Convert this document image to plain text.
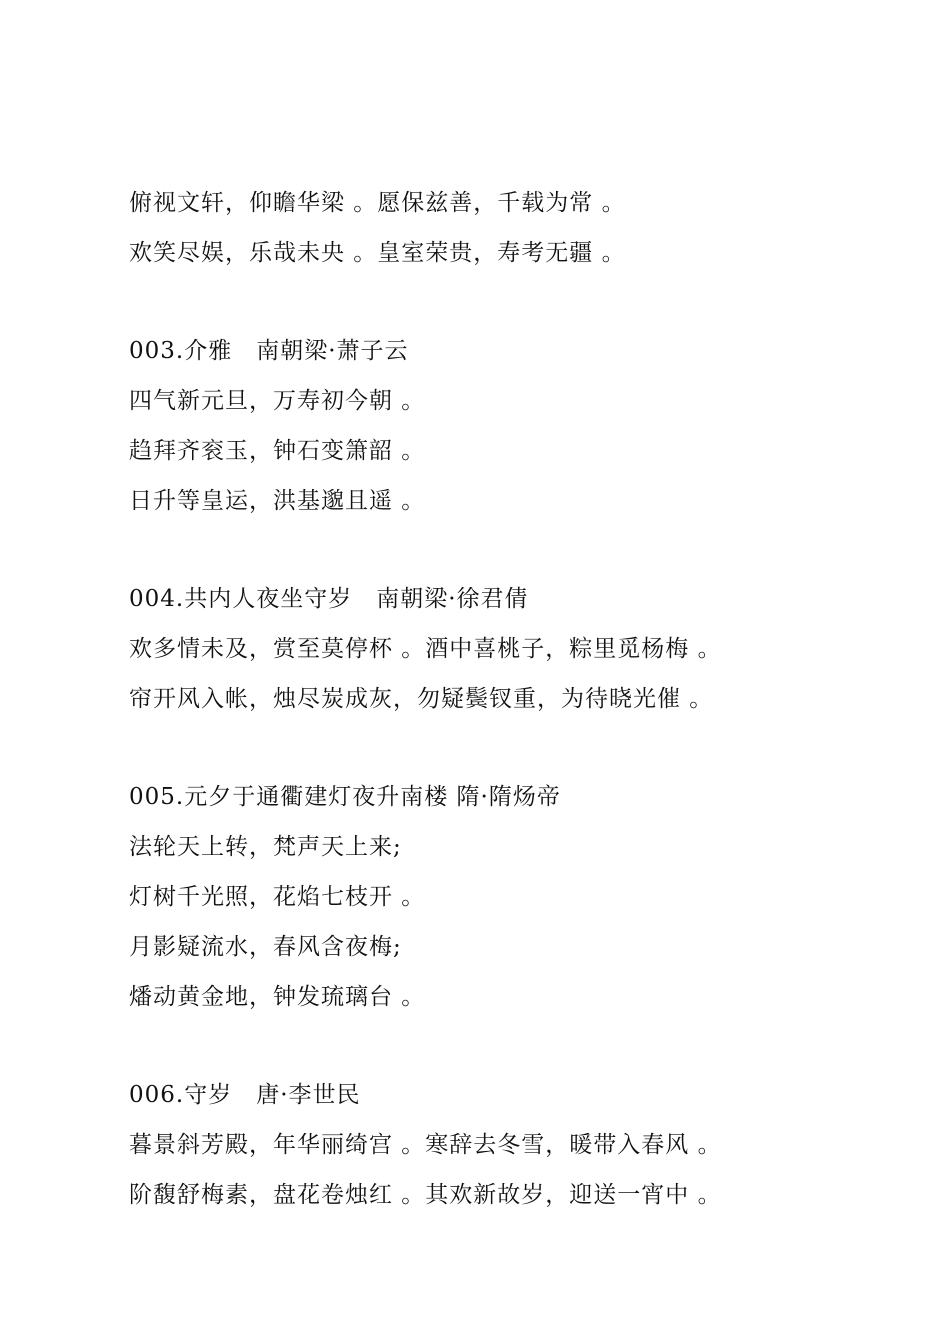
俯视文轩，仰瞻华梁 。愿保兹善，千载为常 。
欢笑尽娱，乐哉未央 。皇室荣贵，寿考无疆 。
003.介雅　南朝梁·萧子云
四气新元旦，万寿初今朝 。
趋拜齐衮玉，钟石变箫韶 。
日升等皇运，洪基邈且遥 。
004.共内人夜坐守岁　南朝梁·徐君倩
欢多情未及，赏至莫停杯 。酒中喜桃子，粽里觅杨梅 。
帘开风入帐，烛尽炭成灰，勿疑鬓钗重，为待晓光催 。
005.元夕于通衢建灯夜升南楼 隋·隋炀帝
法轮天上转，梵声天上来;
灯树千光照，花焰七枝开 。
月影疑流水，春风含夜梅;
燔动黄金地，钟发琉璃台 。
006.守岁　唐·李世民
暮景斜芳殿，年华丽绮宫 。寒辞去冬雪，暖带入春风 。
阶馥舒梅素，盘花卷烛红 。其欢新故岁，迎送一宵中 。
